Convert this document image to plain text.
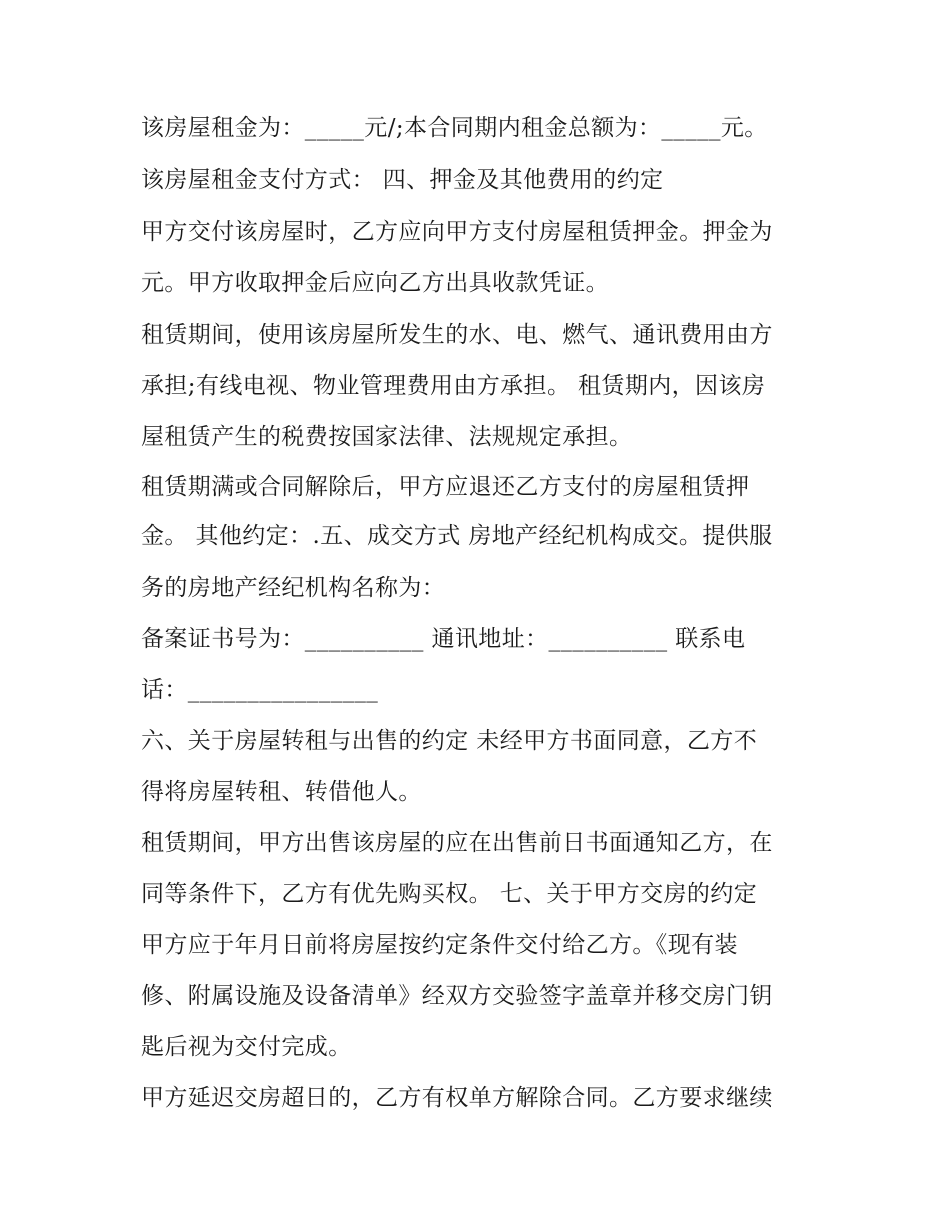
该房屋租金为：_____元/;本合同期内租金总额为：_____元。
该房屋租金支付方式： 四、押金及其他费用的约定
甲方交付该房屋时，乙方应向甲方支付房屋租赁押金。押金为
元。甲方收取押金后应向乙方出具收款凭证。
租赁期间，使用该房屋所发生的水、电、燃气、通讯费用由方
承担;有线电视、物业管理费用由方承担。 租赁期内，因该房
屋租赁产生的税费按国家法律、法规规定承担。
租赁期满或合同解除后，甲方应退还乙方支付的房屋租赁押
金。 其他约定：.五、成交方式 房地产经纪机构成交。提供服
务的房地产经纪机构名称为：
备案证书号为：__________ 通讯地址：__________ 联系电
话：________________
六、关于房屋转租与出售的约定 未经甲方书面同意，乙方不
得将房屋转租、转借他人。
租赁期间，甲方出售该房屋的应在出售前日书面通知乙方，在
同等条件下，乙方有优先购买权。 七、关于甲方交房的约定
甲方应于年月日前将房屋按约定条件交付给乙方。《现有装
修、附属设施及设备清单》经双方交验签字盖章并移交房门钥
匙后视为交付完成。
甲方延迟交房超日的，乙方有权单方解除合同。乙方要求继续
